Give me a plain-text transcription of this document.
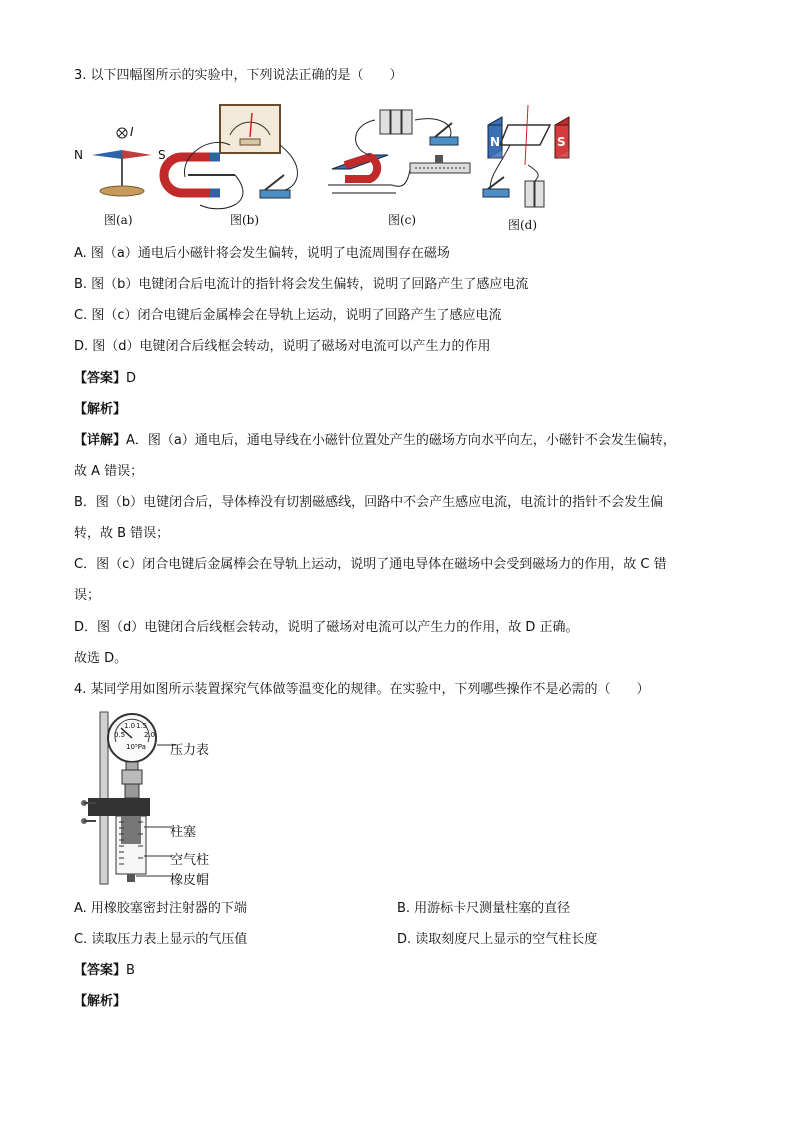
3. 以下四幅图所示的实验中，下列说法正确的是（　　）
N	S
I
N	S
图(a)	图(b)	图(c)	图(d)
A. 图（a）通电后小磁针将会发生偏转，说明了电流周围存在磁场
B. 图（b）电键闭合后电流计的指针将会发生偏转，说明了回路产生了感应电流
C. 图（c）闭合电键后金属棒会在导轨上运动，说明了回路产生了感应电流
D. 图（d）电键闭合后线框会转动，说明了磁场对电流可以产生力的作用
【答案】D
【解析】
【详解】A．图（a）通电后，通电导线在小磁针位置处产生的磁场方向水平向左，小磁针不会发生偏转，
故 A 错误；
B．图（b）电键闭合后，导体棒没有切割磁感线，回路中不会产生感应电流，电流计的指针不会发生偏
转，故 B 错误；
C．图（c）闭合电键后金属棒会在导轨上运动，说明了通电导体在磁场中会受到磁场力的作用，故 C 错
误；
D．图（d）电键闭合后线框会转动，说明了磁场对电流可以产生力的作用，故 D 正确。
故选 D。
4. 某同学用如图所示装置探究气体做等温变化的规律。在实验中，下列哪些操作不是必需的（　　）
0.5
1.0 1.5
2.0
10⁵Pa 压力表
柱塞
空气柱
橡皮帽
A. 用橡胶塞密封注射器的下端	B. 用游标卡尺测量柱塞的直径
C. 读取压力表上显示的气压值	D. 读取刻度尺上显示的空气柱长度
【答案】B
【解析】
